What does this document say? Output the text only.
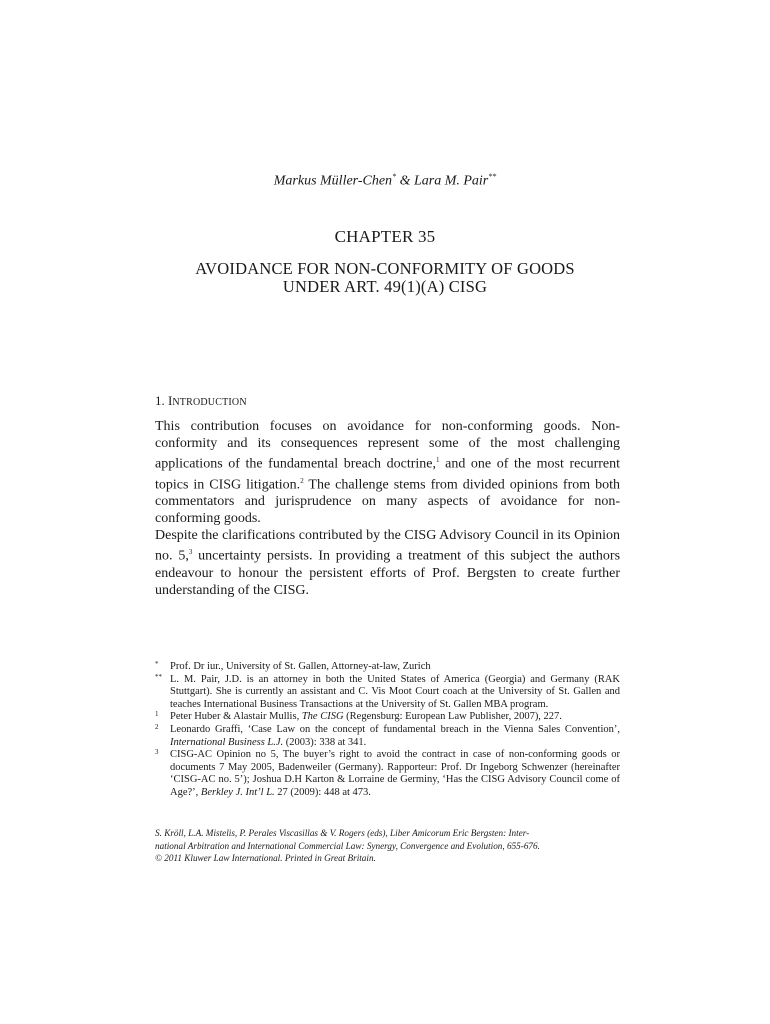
Markus Müller-Chen* & Lara M. Pair**
CHAPTER 35
AVOIDANCE FOR NON-CONFORMITY OF GOODS
UNDER ART. 49(1)(A) CISG
1. INTRODUCTION
This contribution focuses on avoidance for non-conforming goods. Non-conformity and its consequences represent some of the most challenging applications of the fundamental breach doctrine,$^1$ and one of the most recurrent topics in CISG litigation.$^2$ The challenge stems from divided opinions from both commentators and jurisprudence on many aspects of avoidance for non-conforming goods.
Despite the clarifications contributed by the CISG Advisory Council in its Opinion no. 5,$^3$ uncertainty persists. In providing a treatment of this subject the authors endeavour to honour the persistent efforts of Prof. Bergsten to create further understanding of the CISG.
* Prof. Dr iur., University of St. Gallen, Attorney-at-law, Zurich
** L. M. Pair, J.D. is an attorney in both the United States of America (Georgia) and Germany (RAK Stuttgart). She is currently an assistant and C. Vis Moot Court coach at the University of St. Gallen and teaches International Business Transactions at the University of St. Gallen MBA program.
1 Peter Huber & Alastair Mullis, The CISG (Regensburg: European Law Publisher, 2007), 227.
2 Leonardo Graffi, ‘Case Law on the concept of fundamental breach in the Vienna Sales Convention’, International Business L.J. (2003): 338 at 341.
3 CISG-AC Opinion no 5, The buyer’s right to avoid the contract in case of non-conforming goods or documents 7 May 2005, Badenweiler (Germany). Rapporteur: Prof. Dr Ingeborg Schwenzer (hereinafter ‘CISG-AC no. 5’); Joshua D.H Karton & Lorraine de Germiny, ‘Has the CISG Advisory Council come of Age?’, Berkley J. Int’l L. 27 (2009): 448 at 473.
S. Kröll, L.A. Mistelis, P. Perales Viscasillas & V. Rogers (eds), Liber Amicorum Eric Bergsten: Inter-
national Arbitration and International Commercial Law: Synergy, Convergence and Evolution, 655-676.
© 2011 Kluwer Law International. Printed in Great Britain.
